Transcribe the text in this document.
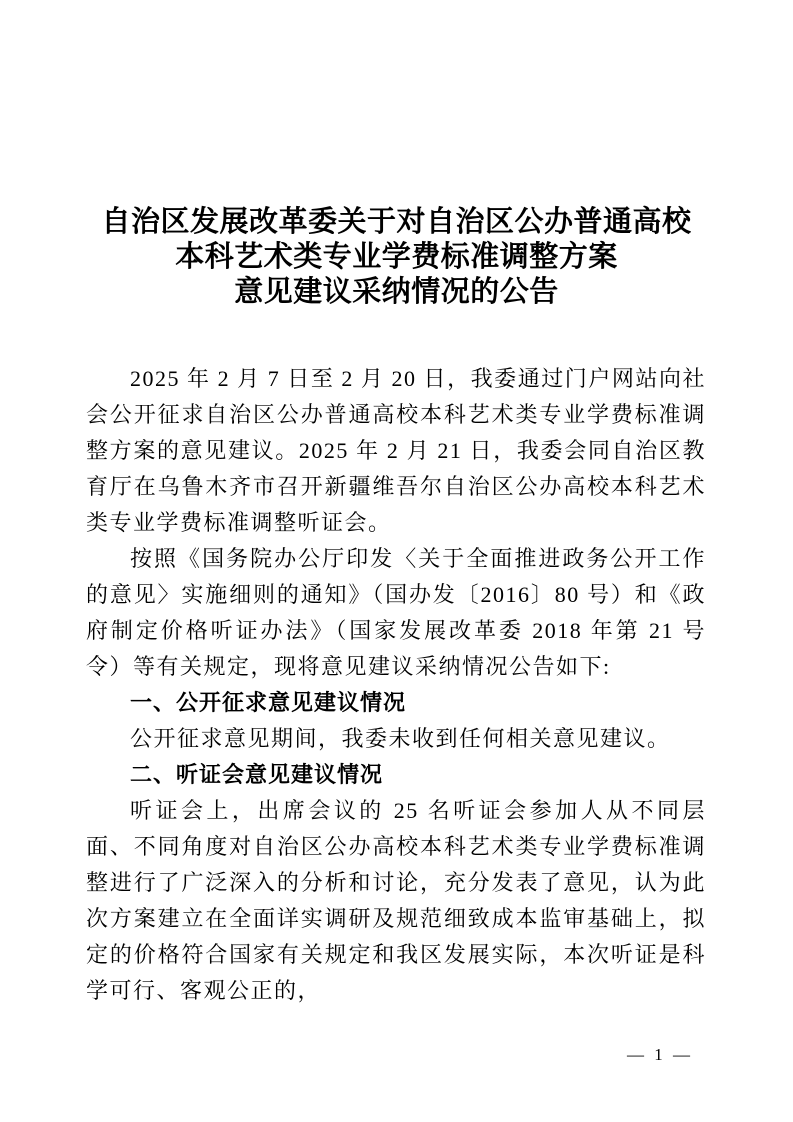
自治区发展改革委关于对自治区公办普通高校
本科艺术类专业学费标准调整方案
意见建议采纳情况的公告

2025 年 2 月 7 日至 2 月 20 日，我委通过门户网站向社会公开征求自治区公办普通高校本科艺术类专业学费标准调整方案的意见建议。2025 年 2 月 21 日，我委会同自治区教育厅在乌鲁木齐市召开新疆维吾尔自治区公办高校本科艺术类专业学费标准调整听证会。

按照《国务院办公厅印发〈关于全面推进政务公开工作的意见〉实施细则的通知》（国办发〔2016〕80 号）和《政府制定价格听证办法》（国家发展改革委 2018 年第 21 号令）等有关规定，现将意见建议采纳情况公告如下:

一、公开征求意见建议情况

公开征求意见期间，我委未收到任何相关意见建议。

二、听证会意见建议情况

听证会上，出席会议的 25 名听证会参加人从不同层面、不同角度对自治区公办高校本科艺术类专业学费标准调整进行了广泛深入的分析和讨论，充分发表了意见，认为此次方案建立在全面详实调研及规范细致成本监审基础上，拟定的价格符合国家有关规定和我区发展实际，本次听证是科学可行、客观公正的，

— 1 —
